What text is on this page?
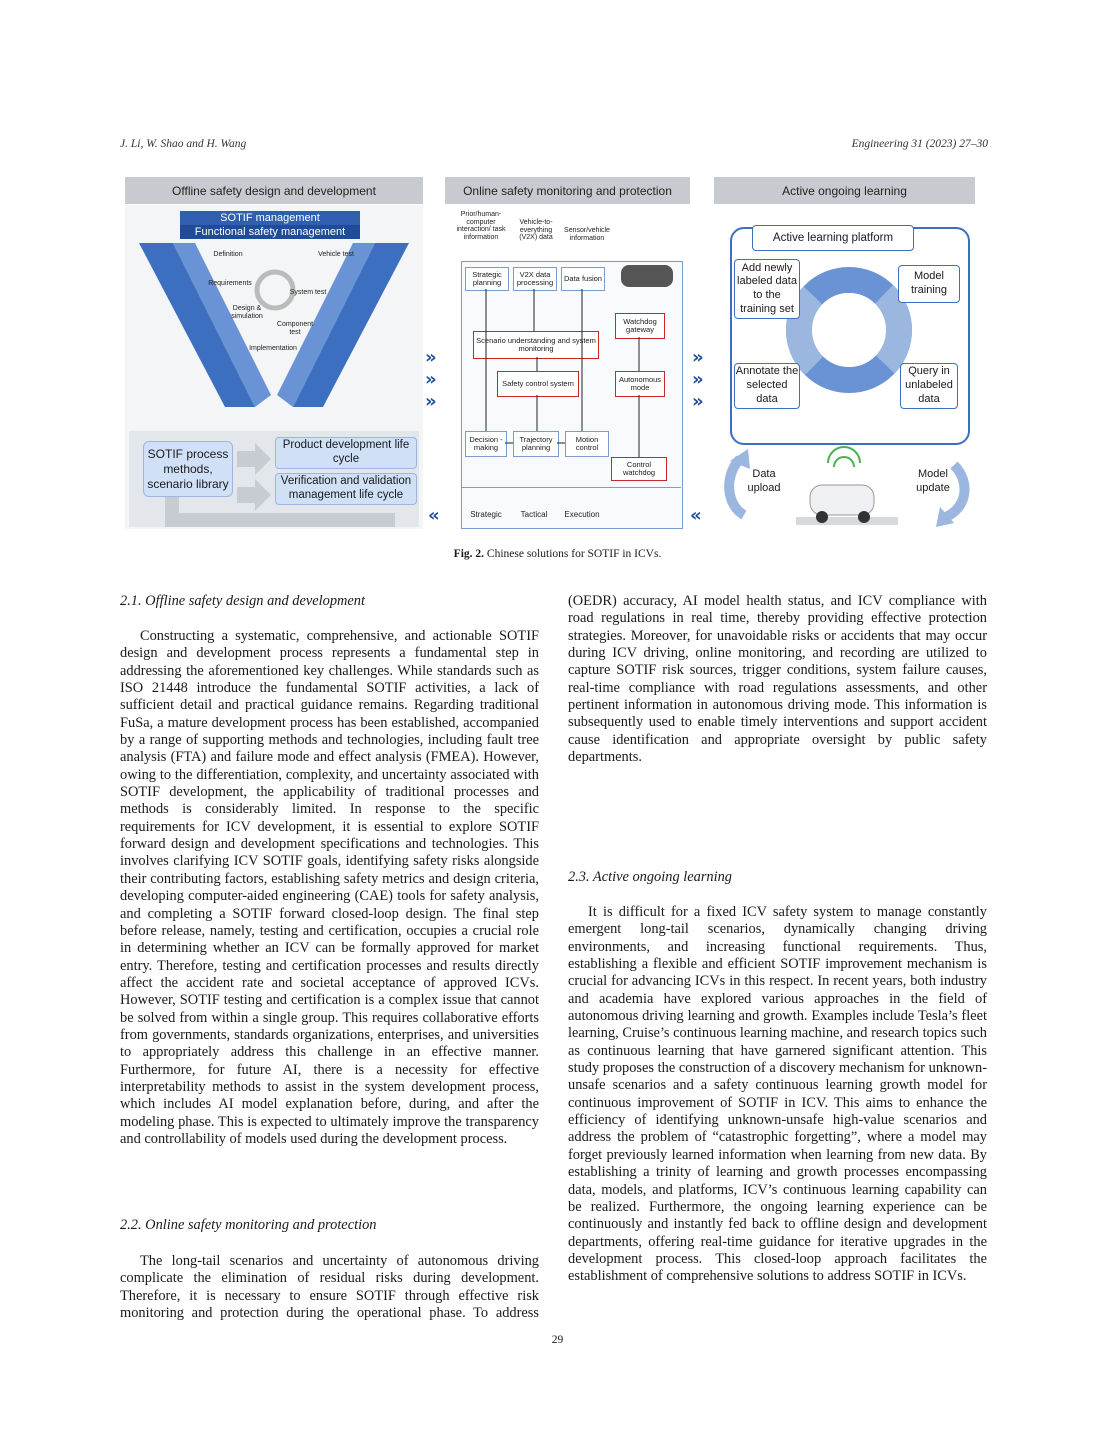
J. Li, W. Shao and H. Wang	Engineering 31 (2023) 27–30
Offline safety design and development
SOTIF management
Functional safety management
Definition
Requirements
Design & simulation
Implementation
Component test
System test
Vehicle test
SOTIF process methods, scenario library
Product development life cycle
Verification and validation management life cycle
»
»
»
»
»
»
«	«
Online safety monitoring and protection
Prior/human-computer interaction/ task information
Vehicle-to-everything (V2X) data
Sensor/vehicle information
Strategic planning
V2X data processing	Data fusion
Watchdog gateway
Scenario understanding and system monitoring
Safety control system	Autonomous mode
Decision -making
Trajectory planning
Motion control
Control watchdog
Strategic	Tactical	Execution
Active ongoing learning
Active learning platform
Add newly labeled data to the training set
Model training
Annotate the selected data
Query in unlabeled data
Data upload
Model update
Fig. 2. Chinese solutions for SOTIF in ICVs.
2.1. Offline safety design and development

Constructing a systematic, comprehensive, and actionable SOTIF design and development process represents a fundamental step in addressing the aforementioned key challenges. While standards such as ISO 21448 introduce the fundamental SOTIF activities, a lack of sufficient detail and practical guidance remains. Regarding traditional FuSa, a mature development process has been established, accompanied by a range of supporting methods and technologies, including fault tree analysis (FTA) and failure mode and effect analysis (FMEA). However, owing to the differentiation, complexity, and uncertainty associated with SOTIF development, the applicability of traditional processes and methods is considerably limited. In response to the specific requirements for ICV development, it is essential to explore SOTIF forward design and development specifications and technologies. This involves clarifying ICV SOTIF goals, identifying safety risks alongside their contributing factors, establishing safety metrics and design criteria, developing computer-aided engineering (CAE) tools for safety analysis, and completing a SOTIF forward closed-loop design. The final step before release, namely, testing and certification, occupies a crucial role in determining whether an ICV can be formally approved for market entry. Therefore, testing and certification processes and results directly affect the accident rate and societal acceptance of approved ICVs. However, SOTIF testing and certification is a complex issue that cannot be solved from within a single group. This requires collaborative efforts from governments, standards organizations, enterprises, and universities to appropriately address this challenge in an effective manner. Furthermore, for future AI, there is a necessity for effective interpretability methods to assist in the system development process, which includes AI model explanation before, during, and after the modeling phase. This is expected to ultimately improve the transparency and controllability of models used during the development process.

2.2. Online safety monitoring and protection

The long-tail scenarios and uncertainty of autonomous driving complicate the elimination of residual risks during development. Therefore, it is necessary to ensure SOTIF through effective risk monitoring and protection during the operational phase. To address

(OEDR) accuracy, AI model health status, and ICV compliance with road regulations in real time, thereby providing effective protection strategies. Moreover, for unavoidable risks or accidents that may occur during ICV driving, online monitoring, and recording are utilized to capture SOTIF risk sources, trigger conditions, system failure causes, real-time compliance with road regulations assessments, and other pertinent information in autonomous driving mode. This information is subsequently used to enable timely interventions and support accident cause identification and appropriate oversight by public safety departments.

2.3. Active ongoing learning

It is difficult for a fixed ICV safety system to manage constantly emergent long-tail scenarios, dynamically changing driving environments, and increasing functional requirements. Thus, establishing a flexible and efficient SOTIF improvement mechanism is crucial for advancing ICVs in this respect. In recent years, both industry and academia have explored various approaches in the field of autonomous driving learning and growth. Examples include Tesla’s fleet learning, Cruise’s continuous learning machine, and research topics such as continuous learning that have garnered significant attention. This study proposes the construction of a discovery mechanism for unknown-unsafe scenarios and a safety continuous learning growth model for continuous improvement of SOTIF in ICV. This aims to enhance the efficiency of identifying unknown-unsafe high-value scenarios and address the problem of “catastrophic forgetting”, where a model may forget previously learned information when learning from new data. By establishing a trinity of learning and growth processes encompassing data, models, and platforms, ICV’s continuous learning capability can be realized. Furthermore, the ongoing learning experience can be continuously and instantly fed back to offline design and development departments, offering real-time guidance for iterative upgrades in the development process. This closed-loop approach facilitates the establishment of comprehensive solutions to address SOTIF in ICVs.

29
